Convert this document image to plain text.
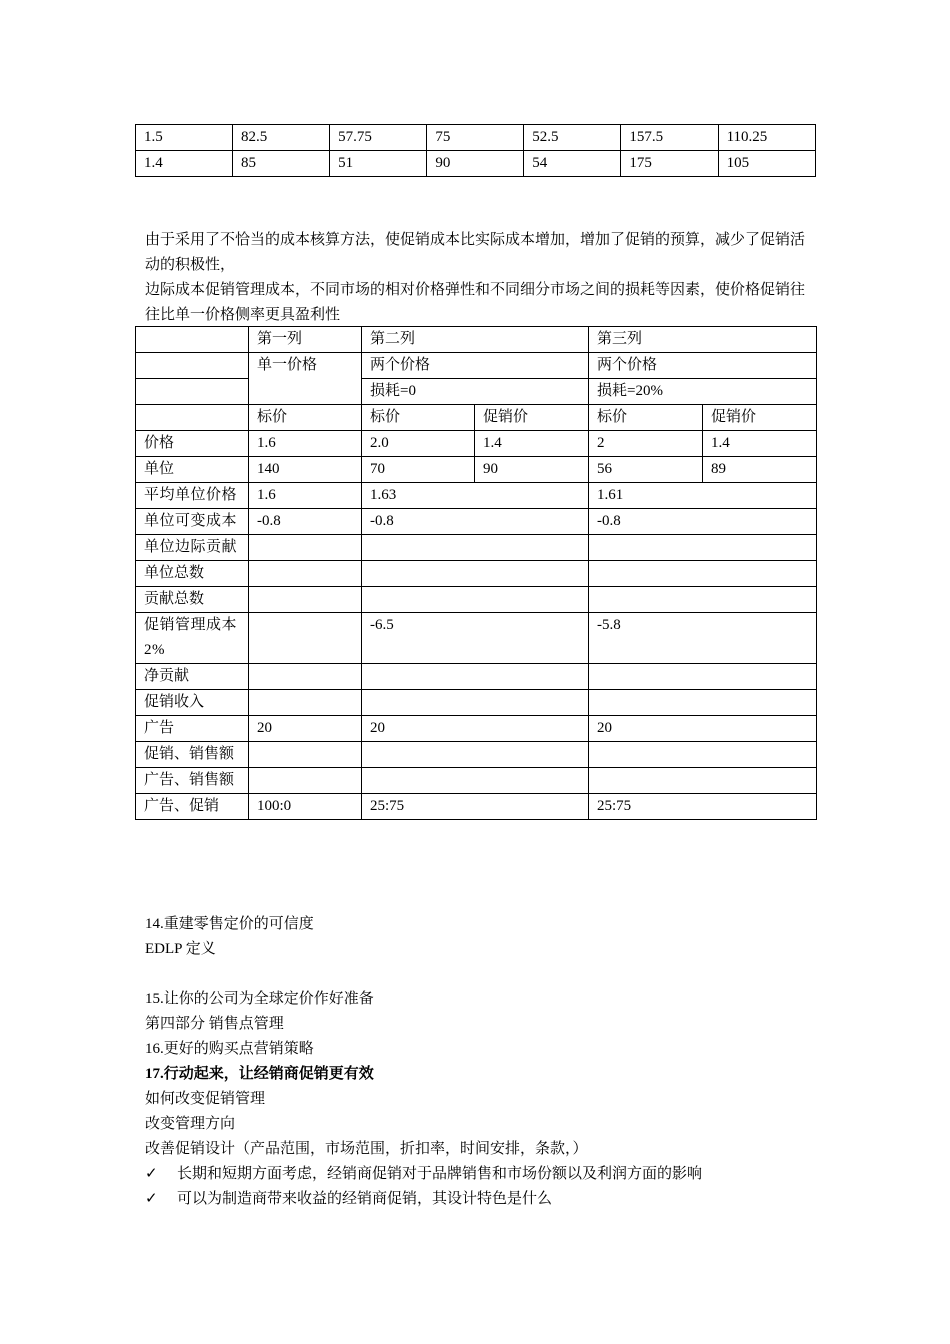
1.5	82.5	57.75	75	52.5	157.5	110.25
1.4	85	51	90	54	175	105
由于采用了不恰当的成本核算方法，使促销成本比实际成本增加，增加了促销的预算，减少了促销活动的积极性，
边际成本促销管理成本，不同市场的相对价格弹性和不同细分市场之间的损耗等因素，使价格促销往往比单一价格侧率更具盈利性
	第一列	第二列		第三列	
	单一价格	两个价格		两个价格	
		损耗=0		损耗=20%	
	标价	标价	促销价	标价	促销价
价格	1.6	2.0	1.4	2	1.4
单位	140	70	90	56	89
平均单位价格	1.6	1.63		1.61	
单位可变成本	-0.8	-0.8		-0.8	
单位边际贡献					
单位总数					
贡献总数					
促销管理成本2%		-6.5		-5.8	
净贡献					
促销收入					
广告	20	20		20	
促销、销售额					
广告、销售额					
广告、促销	100:0	25:75		25:75	
14.重建零售定价的可信度
EDLP 定义
15.让你的公司为全球定价作好准备
第四部分 销售点管理
16.更好的购买点营销策略
17.行动起来，让经销商促销更有效
如何改变促销管理
改变管理方向
改善促销设计（产品范围，市场范围，折扣率，时间安排，条款，）
✓ 长期和短期方面考虑，经销商促销对于品牌销售和市场份额以及利润方面的影响
✓ 可以为制造商带来收益的经销商促销，其设计特色是什么
